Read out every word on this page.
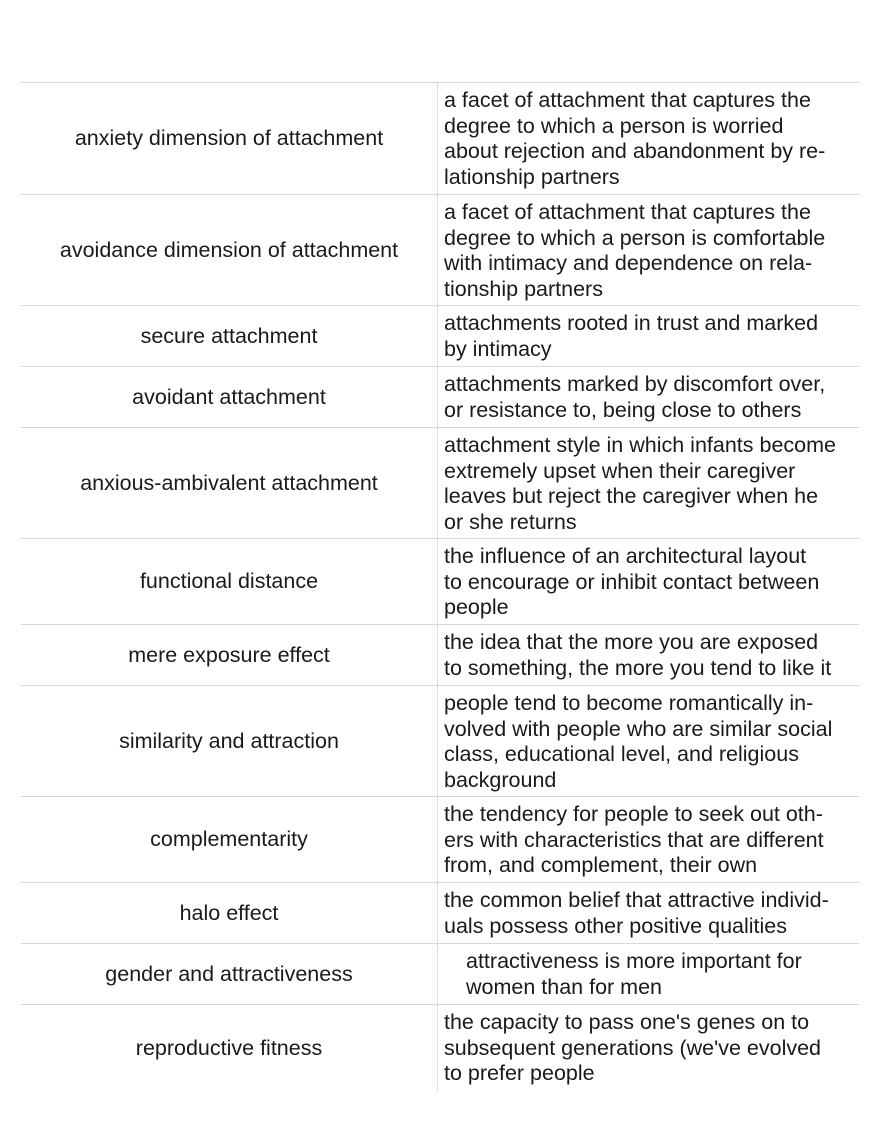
anxiety dimension of attachment
a facet of attachment that captures the
degree to which a person is worried
about rejection and abandonment by re-
lationship partners
avoidance dimension of attachment
a facet of attachment that captures the
degree to which a person is comfortable
with intimacy and dependence on rela-
tionship partners
secure attachment
attachments rooted in trust and marked
by intimacy
avoidant attachment
attachments marked by discomfort over,
or resistance to, being close to others
anxious-ambivalent attachment
attachment style in which infants become
extremely upset when their caregiver
leaves but reject the caregiver when he
or she returns
functional distance
the influence of an architectural layout
to encourage or inhibit contact between
people
mere exposure effect
the idea that the more you are exposed
to something, the more you tend to like it
similarity and attraction
people tend to become romantically in-
volved with people who are similar social
class, educational level, and religious
background
complementarity
the tendency for people to seek out oth-
ers with characteristics that are different
from, and complement, their own
halo effect
the common belief that attractive individ-
uals possess other positive qualities
gender and attractiveness
attractiveness is more important for
women than for men
reproductive fitness
the capacity to pass one's genes on to
subsequent generations (we've evolved
to prefer people
